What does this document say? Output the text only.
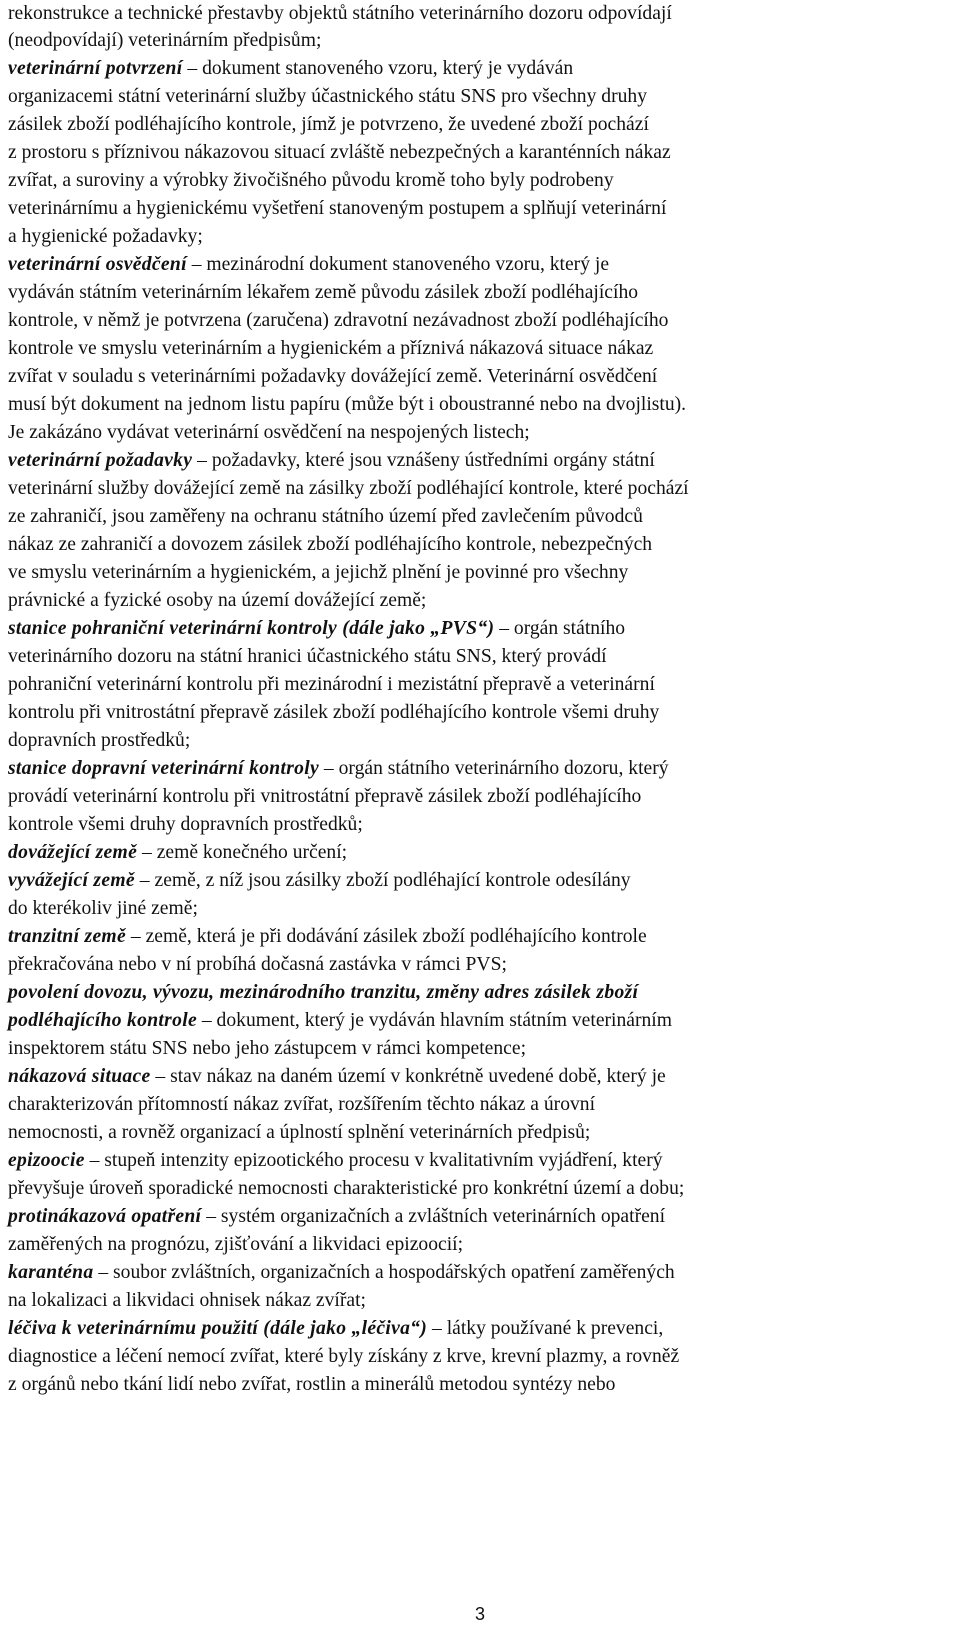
rekonstrukce a technické přestavby objektů státního veterinárního dozoru odpovídají
(neodpovídají) veterinárním předpisům;
veterinární potvrzení – dokument stanoveného vzoru, který je vydáván
organizacemi státní veterinární služby účastnického státu SNS pro všechny druhy
zásilek zboží podléhajícího kontrole, jímž je potvrzeno, že uvedené zboží pochází
z prostoru s příznivou nákazovou situací zvláště nebezpečných a karanténních nákaz
zvířat, a suroviny a výrobky živočišného původu kromě toho byly podrobeny
veterinárnímu a hygienickému vyšetření stanoveným postupem a splňují veterinární
a hygienické požadavky;
veterinární osvědčení – mezinárodní dokument stanoveného vzoru, který je
vydáván státním veterinárním lékařem země původu zásilek zboží podléhajícího
kontrole, v němž je potvrzena (zaručena) zdravotní nezávadnost zboží podléhajícího
kontrole ve smyslu veterinárním a hygienickém a příznivá nákazová situace nákaz
zvířat v souladu s veterinárními požadavky dovážející země. Veterinární osvědčení
musí být dokument na jednom listu papíru (může být i oboustranné nebo na dvojlistu).
Je zakázáno vydávat veterinární osvědčení na nespojených listech;
veterinární požadavky – požadavky, které jsou vznášeny ústředními orgány státní
veterinární služby dovážející země na zásilky zboží podléhající kontrole, které pochází
ze zahraničí, jsou zaměřeny na ochranu státního území před zavlečením původců
nákaz ze zahraničí a dovozem zásilek zboží podléhajícího kontrole, nebezpečných
ve smyslu veterinárním a hygienickém, a jejichž plnění je povinné pro všechny
právnické a fyzické osoby na území dovážející země;
stanice pohraniční veterinární kontroly (dále jako „PVS“) – orgán státního
veterinárního dozoru na státní hranici účastnického státu SNS, který provádí
pohraniční veterinární kontrolu při mezinárodní i mezistátní přepravě a veterinární
kontrolu při vnitrostátní přepravě zásilek zboží podléhajícího kontrole všemi druhy
dopravních prostředků;
stanice dopravní veterinární kontroly – orgán státního veterinárního dozoru, který
provádí veterinární kontrolu při vnitrostátní přepravě zásilek zboží podléhajícího
kontrole všemi druhy dopravních prostředků;
dovážející země – země konečného určení;
vyvážející země – země, z níž jsou zásilky zboží podléhající kontrole odesílány
do kterékoliv jiné země;
tranzitní země – země, která je při dodávání zásilek zboží podléhajícího kontrole
překračována nebo v ní probíhá dočasná zastávka v rámci PVS;
povolení dovozu, vývozu, mezinárodního tranzitu, změny adres zásilek zboží
podléhajícího kontrole – dokument, který je vydáván hlavním státním veterinárním
inspektorem státu SNS nebo jeho zástupcem v rámci kompetence;
nákazová situace – stav nákaz na daném území v konkrétně uvedené době, který je
charakterizován přítomností nákaz zvířat, rozšířením těchto nákaz a úrovní
nemocnosti, a rovněž organizací a úplností splnění veterinárních předpisů;
epizoocie – stupeň intenzity epizootického procesu v kvalitativním vyjádření, který
převyšuje úroveň sporadické nemocnosti charakteristické pro konkrétní území a dobu;
protinákazová opatření – systém organizačních a zvláštních veterinárních opatření
zaměřených na prognózu, zjišťování a likvidaci epizoocií;
karanténa – soubor zvláštních, organizačních a hospodářských opatření zaměřených
na lokalizaci a likvidaci ohnisek nákaz zvířat;
léčiva k veterinárnímu použití (dále jako „léčiva“) – látky používané k prevenci,
diagnostice a léčení nemocí zvířat, které byly získány z krve, krevní plazmy, a rovněž
z orgánů nebo tkání lidí nebo zvířat, rostlin a minerálů metodou syntézy nebo
3
